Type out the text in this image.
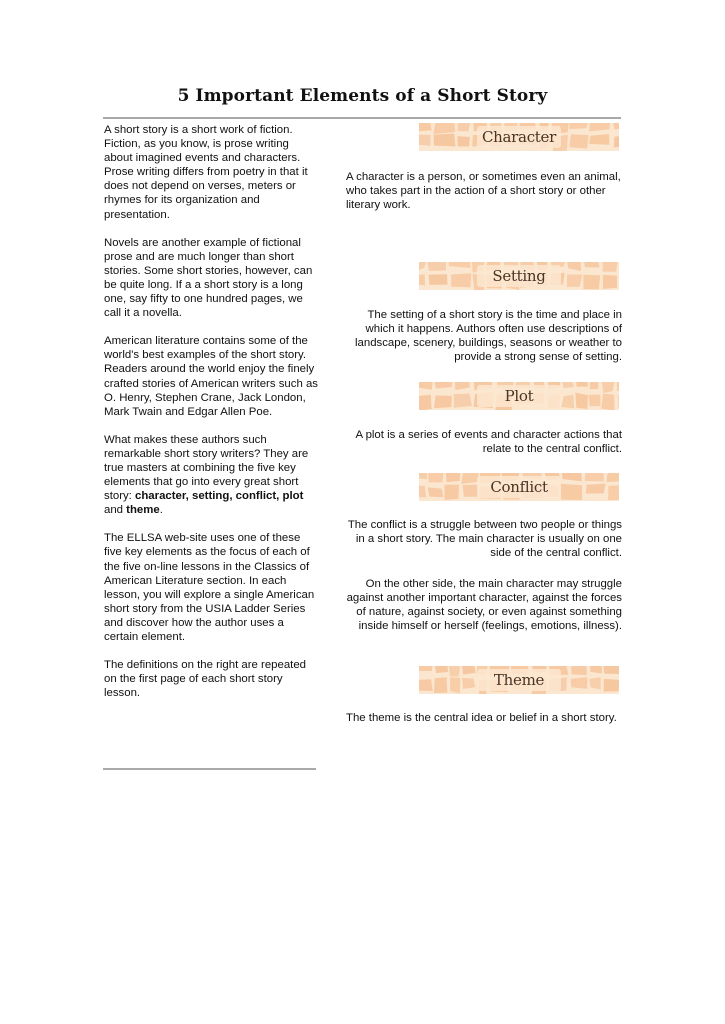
5 Important Elements of a Short Story

A short story is a short work of fiction. Fiction, as you know, is prose writing about imagined events and characters. Prose writing differs from poetry in that it does not depend on verses, meters or rhymes for its organization and presentation.

Novels are another example of fictional prose and are much longer than short stories. Some short stories, however, can be quite long. If a a short story is a long one, say fifty to one hundred pages, we call it a novella.

American literature contains some of the world's best examples of the short story. Readers around the world enjoy the finely crafted stories of American writers such as O. Henry, Stephen Crane, Jack London, Mark Twain and Edgar Allen Poe.

What makes these authors such remarkable short story writers? They are true masters at combining the five key elements that go into every great short story: character, setting, conflict, plot and theme.

The ELLSA web-site uses one of these five key elements as the focus of each of the five on-line lessons in the Classics of American Literature section. In each lesson, you will explore a single American short story from the USIA Ladder Series and discover how the author uses a certain element.

The definitions on the right are repeated on the first page of each short story lesson.

Character
Setting
Plot
Conflict
Theme

A character is a person, or sometimes even an animal, who takes part in the action of a short story or other literary work.

The setting of a short story is the time and place in which it happens. Authors often use descriptions of landscape, scenery, buildings, seasons or weather to provide a strong sense of setting.

A plot is a series of events and character actions that relate to the central conflict.

The conflict is a struggle between two people or things in a short story. The main character is usually on one side of the central conflict.

On the other side, the main character may struggle against another important character, against the forces of nature, against society, or even against something inside himself or herself (feelings, emotions, illness).

The theme is the central idea or belief in a short story.
